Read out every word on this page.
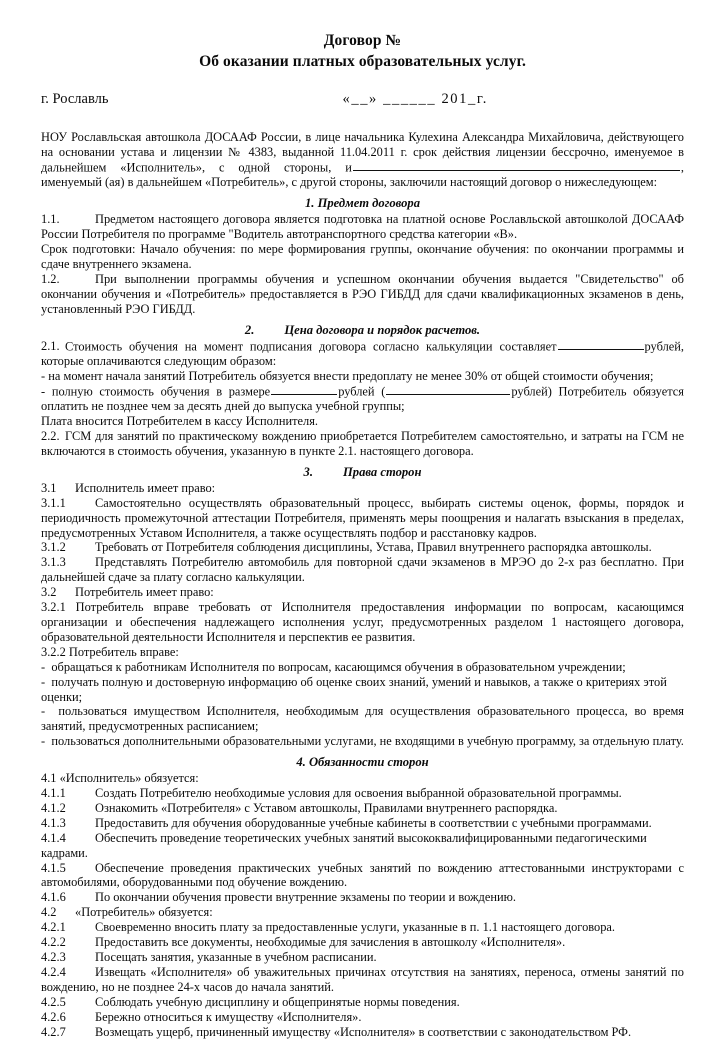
Договор №
Об оказании платных образовательных услуг.
г. Рославль	«__» ______ 201_г.

НОУ Рославльская автошкола ДОСААФ России, в лице начальника Кулехина Александра Михайловича, действующего на основании устава и лицензии № 4383, выданной 11.04.2011 г. срок действия лицензии бессрочно, именуемое в дальнейшем «Исполнитель», с одной стороны, и	, именуемый (ая) в дальнейшем «Потребитель», с другой стороны, заключили настоящий договор о нижеследующем:

1. Предмет договора

1.1.	Предметом настоящего договора является подготовка на платной основе Рославльской автошколой ДОСААФ России Потребителя по программе "Водитель автотранспортного средства категории «В».

Срок подготовки: Начало обучения: по мере формирования группы, окончание обучения: по окончании программы и сдаче внутреннего экзамена.

1.2.	При выполнении программы обучения и успешном окончании обучения выдается "Свидетельство" об окончании обучения и «Потребитель» предоставляется в РЭО ГИБДД для сдачи квалификационных экзаменов в день, установленный РЭО ГИБДД.

2. Цена договора и порядок расчетов.

2.1. Стоимость обучения на момент подписания договора согласно калькуляции составляет	рублей, которые оплачиваются следующим образом:

- на момент начала занятий Потребитель обязуется внести предоплату не менее 30% от общей стоимости обучения;

- полную стоимость обучения в размере	рублей (	рублей) Потребитель обязуется оплатить не позднее чем за десять дней до выпуска учебной группы;

Плата вносится Потребителем в кассу Исполнителя.

2.2. ГСМ для занятий по практическому вождению приобретается Потребителем самостоятельно, и затраты на ГСМ не включаются в стоимость обучения, указанную в пункте 2.1. настоящего договора.

3. Права сторон

3.1 Исполнитель имеет право:

3.1.1 Самостоятельно осуществлять образовательный процесс, выбирать системы оценок, формы, порядок и периодичность промежуточной аттестации Потребителя, применять меры поощрения и налагать взыскания в пределах, предусмотренных Уставом Исполнителя, а также осуществлять подбор и расстановку кадров.

3.1.2 Требовать от Потребителя соблюдения дисциплины, Устава, Правил внутреннего распорядка автошколы.

3.1.3 Представлять Потребителю автомобиль для повторной сдачи экзаменов в МРЭО до 2-х раз бесплатно. При дальнейшей сдаче за плату согласно калькуляции.

3.2 Потребитель имеет право:

3.2.1 Потребитель вправе требовать от Исполнителя предоставления информации по вопросам, касающимся организации и обеспечения надлежащего исполнения услуг, предусмотренных разделом 1 настоящего договора, образовательной деятельности Исполнителя и перспектив ее развития.

3.2.2 Потребитель вправе:

- обращаться к работникам Исполнителя по вопросам, касающимся обучения в образовательном учреждении;

- получать полную и достоверную информацию об оценке своих знаний, умений и навыков, а также о критериях этой оценки;

- пользоваться имуществом Исполнителя, необходимым для осуществления образовательного процесса, во время занятий, предусмотренных расписанием;

- пользоваться дополнительными образовательными услугами, не входящими в учебную программу, за отдельную плату.

4. Обязанности сторон

4.1 «Исполнитель» обязуется:

4.1.1 Создать Потребителю необходимые условия для освоения выбранной образовательной программы.

4.1.2 Ознакомить «Потребителя» с Уставом автошколы, Правилами внутреннего распорядка.

4.1.3 Предоставить для обучения оборудованные учебные кабинеты в соответствии с учебными программами.

4.1.4 Обеспечить проведение теоретических учебных занятий высококвалифицированными педагогическими кадрами.

4.1.5 Обеспечение проведения практических учебных занятий по вождению аттестованными инструкторами с автомобилями, оборудованными под обучение вождению.

4.1.6 По окончании обучения провести внутренние экзамены по теории и вождению.

4.2 «Потребитель» обязуется:

4.2.1 Своевременно вносить плату за предоставленные услуги, указанные в п. 1.1 настоящего договора.

4.2.2 Предоставить все документы, необходимые для зачисления в автошколу «Исполнителя».

4.2.3 Посещать занятия, указанные в учебном расписании.

4.2.4 Извещать «Исполнителя» об уважительных причинах отсутствия на занятиях, переноса, отмены занятий по вождению, но не позднее 24-х часов до начала занятий.

4.2.5 Соблюдать учебную дисциплину и общепринятые нормы поведения.

4.2.6 Бережно относиться к имуществу «Исполнителя».

4.2.7 Возмещать ущерб, причиненный имуществу «Исполнителя» в соответствии с законодательством РФ.
